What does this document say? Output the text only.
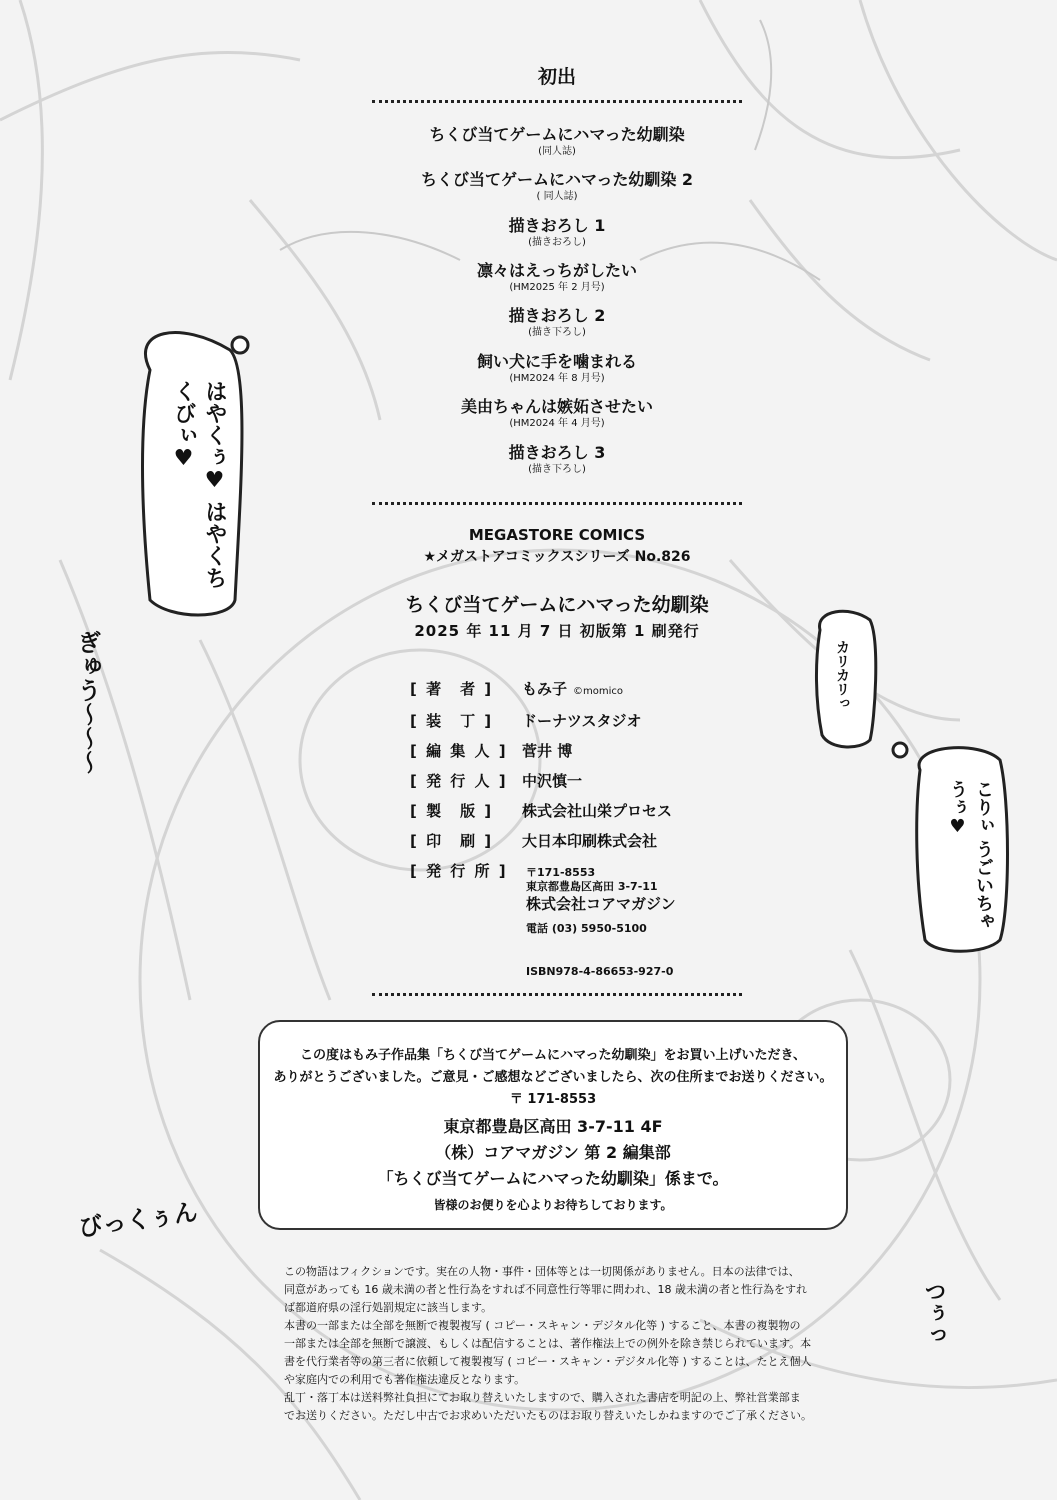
はやくぅ♥ はやくちくびぃ♥
ぎゅう〜〜〜	カリカリっ
こりぃ うごいちゃうぅ♥
びっくぅん
つぅっ
初出
ちくび当てゲームにハマった幼馴染
(同人誌)
ちくび当てゲームにハマった幼馴染 2
( 同人誌)
描きおろし 1
(描きおろし)
凛々はえっちがしたい
(HM2025 年 2 月号)
描きおろし 2
(描き下ろし)
飼い犬に手を噛まれる
(HM2024 年 8 月号)
美由ちゃんは嫉妬させたい
(HM2024 年 4 月号)
描きおろし 3
(描き下ろし)
MEGASTORE COMICS
★メガストアコミックスシリーズ No.826
ちくび当てゲームにハマった幼馴染
2025 年 11 月 7 日 初版第 1 刷発行
[ 著　者 ]	もみ子 ©momico
[ 装　丁 ]	ドーナツスタジオ
[ 編 集 人 ] 菅井 博
[ 発 行 人 ] 中沢慎一
[ 製　版 ]	株式会社山栄プロセス
[ 印　刷 ]	大日本印刷株式会社
[ 発 行 所 ] 〒171-8553
東京都豊島区高田 3-7-11
株式会社コアマガジン
電話 (03) 5950-5100
ISBN978-4-86653-927-0
この度はもみ子作品集「ちくび当てゲームにハマった幼馴染」をお買い上げいただき、
ありがとうございました。ご意見・ご感想などございましたら、次の住所までお送りください。
〒 171-8553
東京都豊島区高田 3-7-11 4F
（株）コアマガジン 第 2 編集部
「ちくび当てゲームにハマった幼馴染」係まで。
皆様のお便りを心よりお待ちしております。
この物語はフィクションです。実在の人物・事件・団体等とは一切関係がありません。日本の法律では、
同意があっても 16 歳未満の者と性行為をすれば不同意性行等罪に問われ、18 歳未満の者と性行為をすれ
ば都道府県の淫行処罰規定に該当します。
本書の一部または全部を無断で複製複写 ( コピー・スキャン・デジタル化等 ) すること、本書の複製物の
一部または全部を無断で譲渡、もしくは配信することは、著作権法上での例外を除き禁じられています。本
書を代行業者等の第三者に依頼して複製複写 ( コピー・スキャン・デジタル化等 ) することは、たとえ個人
や家庭内での利用でも著作権法違反となります。
乱丁・落丁本は送料弊社負担にてお取り替えいたしますので、購入された書店を明記の上、弊社営業部ま
でお送りください。ただし中古でお求めいただいたものはお取り替えいたしかねますのでご了承ください。
